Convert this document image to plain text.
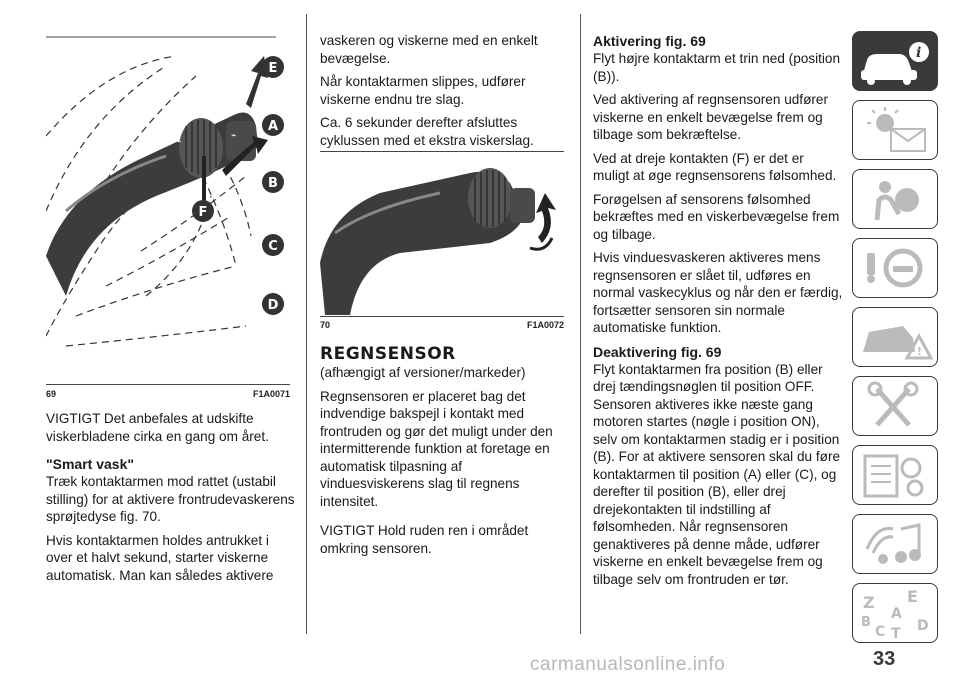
⌁
⌁
E
A
B
F
C
D
69	F1A0071

VIGTIGT Det anbefales at udskifte viskerbladene cirka en gang om året.

"Smart vask"

Træk kontaktarmen mod rattet (ustabil stilling) for at aktivere frontrudevaskerens sprøjtedyse fig. 70.

Hvis kontaktarmen holdes antrukket i over et halvt sekund, starter viskerne automatisk. Man kan således aktivere

vaskeren og viskerne med en enkelt bevægelse.

Når kontaktarmen slippes, udfører viskerne endnu tre slag.

Ca. 6 sekunder derefter afsluttes cyklussen med et ekstra viskerslag.

70	F1A0072
REGNSENSOR

(afhængigt af versioner/markeder)

Regnsensoren er placeret bag det indvendige bakspejl i kontakt med frontruden og gør det muligt under den intermitterende funktion at foretage en automatisk tilpasning af vinduesviskerens slag til regnens intensitet.

VIGTIGT Hold ruden ren i området omkring sensoren.

Aktivering fig. 69

Flyt højre kontaktarm et trin ned (position (B)).

Ved aktivering af regnsensoren udfører viskerne en enkelt bevægelse frem og tilbage som bekræftelse.

Ved at dreje kontakten (F) er det er muligt at øge regnsensorens følsomhed.

Forøgelsen af sensorens følsomhed bekræftes med en viskerbevægelse frem og tilbage.

Hvis vinduesvaskeren aktiveres mens regnsensoren er slået til, udføres en normal vaskecyklus og når den er færdig, fortsætter sensoren sin normale automatiske funktion.

Deaktivering fig. 69

Flyt kontaktarmen fra position (B) eller drej tændingsnøglen til position OFF. Sensoren aktiveres ikke næste gang motoren startes (nøgle i position ON), selv om kontaktarmen stadig er i position (B). For at aktivere sensoren skal du føre kontaktarmen til position (A) eller (C), og derefter til position (B), eller drej drejekontakten til indstilling af følsomheden. Når regnsensoren genaktiveres på denne måde, udfører viskerne en enkelt bevægelse frem og tilbage selv om frontruden er tør.

i
!
Z E
A
B
C T D
33
carmanualsonline.info
